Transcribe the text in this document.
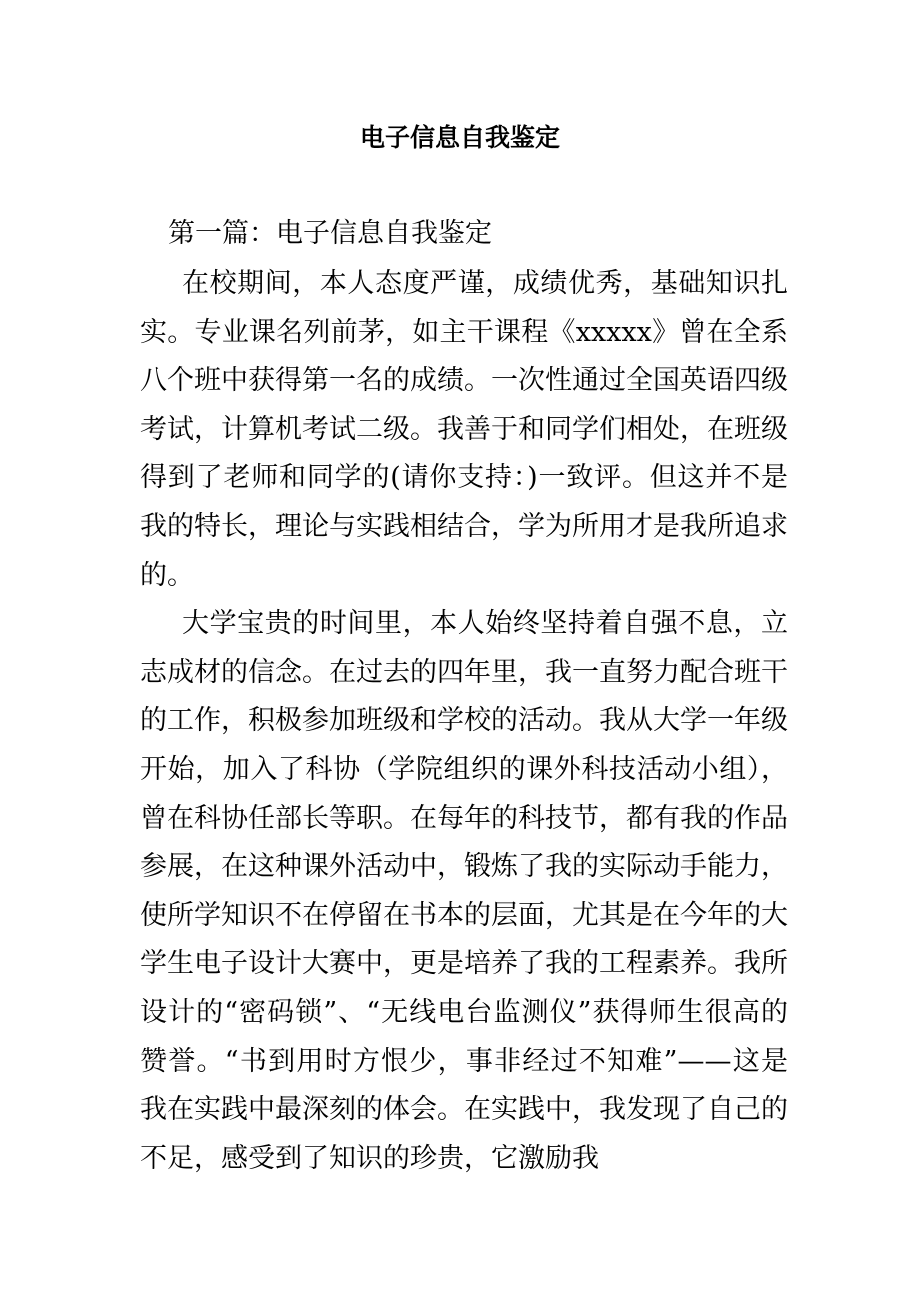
电子信息自我鉴定
第一篇：电子信息自我鉴定

在校期间，本人态度严谨，成绩优秀，基础知识扎实。专业课名列前茅，如主干课程《xxxxx》曾在全系八个班中获得第一名的成绩。一次性通过全国英语四级考试，计算机考试二级。我善于和同学们相处，在班级得到了老师和同学的(请你支持：)一致评。但这并不是我的特长，理论与实践相结合，学为所用才是我所追求的。

大学宝贵的时间里，本人始终坚持着自强不息，立志成材的信念。在过去的四年里，我一直努力配合班干的工作，积极参加班级和学校的活动。我从大学一年级开始，加入了科协（学院组织的课外科技活动小组），曾在科协任部长等职。在每年的科技节，都有我的作品参展，在这种课外活动中，锻炼了我的实际动手能力，使所学知识不在停留在书本的层面，尤其是在今年的大学生电子设计大赛中，更是培养了我的工程素养。我所设计的“密码锁”、“无线电台监测仪”获得师生很高的赞誉。“书到用时方恨少，事非经过不知难”——这是我在实践中最深刻的体会。在实践中，我发现了自己的不足，感受到了知识的珍贵，它激励我
